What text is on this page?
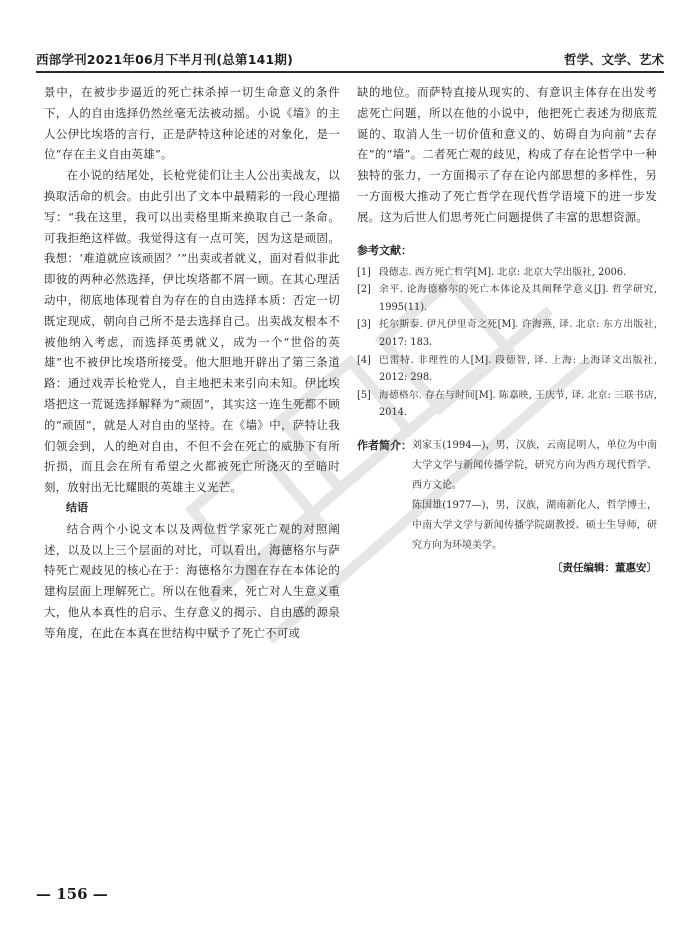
西部学刊2021年06月下半月刊(总第141期)	哲学、文学、艺术

景中，在被步步逼近的死亡抹杀掉一切生命意义的条件下，人的自由选择仍然丝毫无法被动摇。小说《墙》的主人公伊比埃塔的言行，正是萨特这种论述的对象化，是一位“存在主义自由英雄”。

在小说的结尾处，长枪党徒们让主人公出卖战友，以换取活命的机会。由此引出了文本中最精彩的一段心理描写：“我在这里，我可以出卖格里斯来换取自己一条命。可我拒绝这样做。我觉得这有一点可笑，因为这是顽固。我想：‘难道就应该顽固？’”出卖或者就义，面对看似非此即彼的两种必然选择，伊比埃塔都不屑一顾。在其心理活动中，彻底地体现着自为存在的自由选择本质：否定一切既定现成，朝向自己所不是去选择自己。出卖战友根本不被他纳入考虑，而选择英勇就义，成为一个“世俗的英雄”也不被伊比埃塔所接受。他大胆地开辟出了第三条道路：通过戏弄长枪党人，自主地把未来引向未知。伊比埃塔把这一荒诞选择解释为“顽固”，其实这一连生死都不顾的“顽固”，就是人对自由的坚持。在《墙》中，萨特让我们领会到，人的绝对自由，不但不会在死亡的威胁下有所折损，而且会在所有希望之火都被死亡所浇灭的至暗时刻，放射出无比耀眼的英雄主义光芒。

结语

结合两个小说文本以及两位哲学家死亡观的对照阐述，以及以上三个层面的对比，可以看出，海德格尔与萨特死亡观歧见的核心在于：海德格尔力图在存在本体论的建构层面上理解死亡。所以在他看来，死亡对人生意义重大，他从本真性的启示、生存意义的揭示、自由感的源泉等角度，在此在本真在世结构中赋予了死亡不可或

缺的地位。而萨特直接从现实的、有意识主体存在出发考虑死亡问题，所以在他的小说中，他把死亡表述为彻底荒诞的、取消人生一切价值和意义的、妨碍自为向前“去存在”的“墙”。二者死亡观的歧见，构成了存在论哲学中一种独特的张力，一方面揭示了存在论内部思想的多样性，另一方面极大推动了死亡哲学在现代哲学语境下的进一步发展。这为后世人们思考死亡问题提供了丰富的思想资源。

参考文献：
[1] 段德志. 西方死亡哲学[M]. 北京: 北京大学出版社, 2006.
[2] 余平. 论海德格尔的死亡本体论及其阐释学意义[J]. 哲学研究, 1995(11).
[3] 托尔斯泰. 伊凡伊里奇之死[M]. 许海燕, 译. 北京: 东方出版社, 2017: 183.
[4] 巴雷特. 非理性的人[M]. 段德智, 译. 上海: 上海译文出版社, 2012: 298.
[5] 海德格尔. 存在与时间[M]. 陈嘉映, 王庆节, 译. 北京: 三联书店, 2014.
作者简介： 刘家玉(1994—)，男，汉族，云南昆明人，单位为中南大学文学与新闻传播学院，研究方向为西方现代哲学、西方文论。

陈国雄(1977—)，男，汉族，湖南新化人，哲学博士，中南大学文学与新闻传播学院副教授、硕士生导师，研究方向为环境美学。

〔责任编辑：董惠安〕
— 156 —
